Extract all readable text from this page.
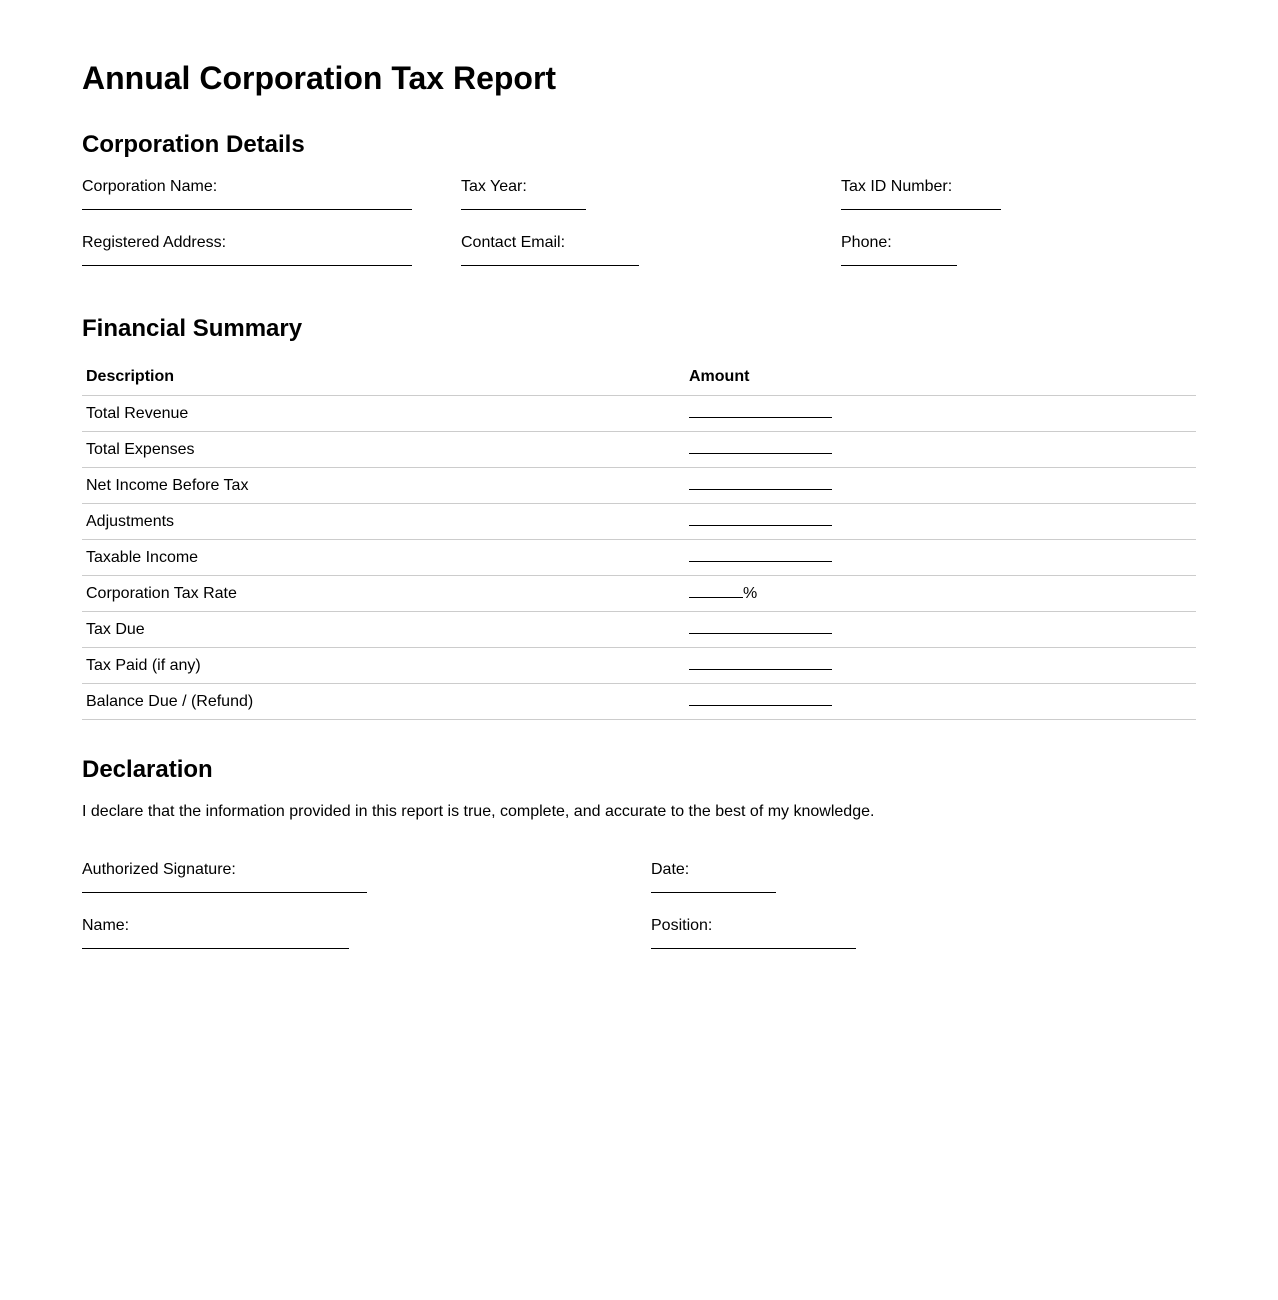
Annual Corporation Tax Report
Corporation Details
Corporation Name:	Tax Year:	Tax ID Number:
Registered Address:	Contact Email:	Phone:
Financial Summary
Description	Amount
Total Revenue	
Total Expenses	
Net Income Before Tax	
Adjustments	
Taxable Income	
Corporation Tax Rate	%
Tax Due	
Tax Paid (if any)	
Balance Due / (Refund)	
Declaration
I declare that the information provided in this report is true, complete, and accurate to the best of my knowledge.
Authorized Signature:	Date:
Name:	Position:
